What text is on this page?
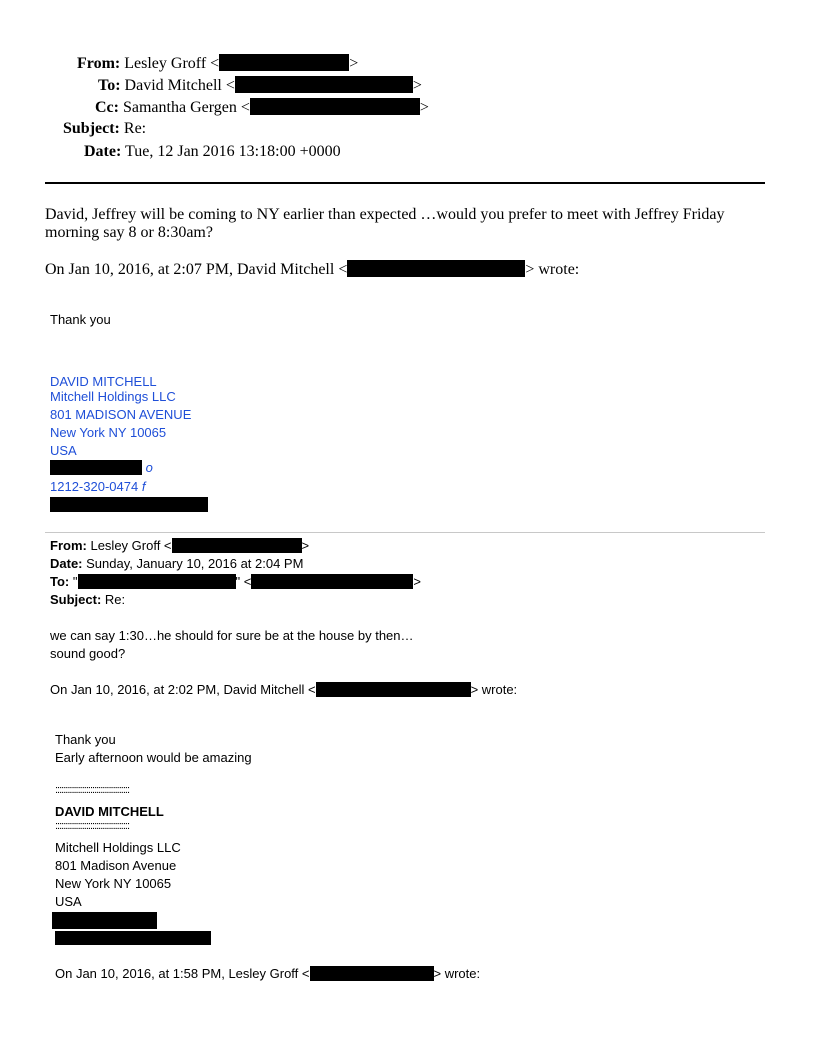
From: Lesley Groff <	>
To: David Mitchell <	>
Cc: Samantha Gergen <	>
Subject: Re:
Date: Tue, 12 Jan 2016 13:18:00 +0000
David, Jeffrey will be coming to NY earlier than expected …would you prefer to meet with Jeffrey Friday
morning say 8 or 8:30am?
On Jan 10, 2016, at 2:07 PM, David Mitchell <	> wrote:
Thank you
DAVID MITCHELL
Mitchell Holdings LLC
801 MADISON AVENUE
New York NY 10065
USA
o
1212-320-0474 f
From: Lesley Groff <	>
Date: Sunday, January 10, 2016 at 2:04 PM
To: "	" <	>
Subject: Re:
we can say 1:30…he should for sure be at the house by then…
sound good?
On Jan 10, 2016, at 2:02 PM, David Mitchell <	> wrote:
Thank you
Early afternoon would be amazing
::::::::::::::::::::::::::::::::::::
DAVID MITCHELL
::::::::::::::::::::::::::::::::::::
Mitchell Holdings LLC
801 Madison Avenue
New York NY 10065
USA
On Jan 10, 2016, at 1:58 PM, Lesley Groff <	> wrote:
